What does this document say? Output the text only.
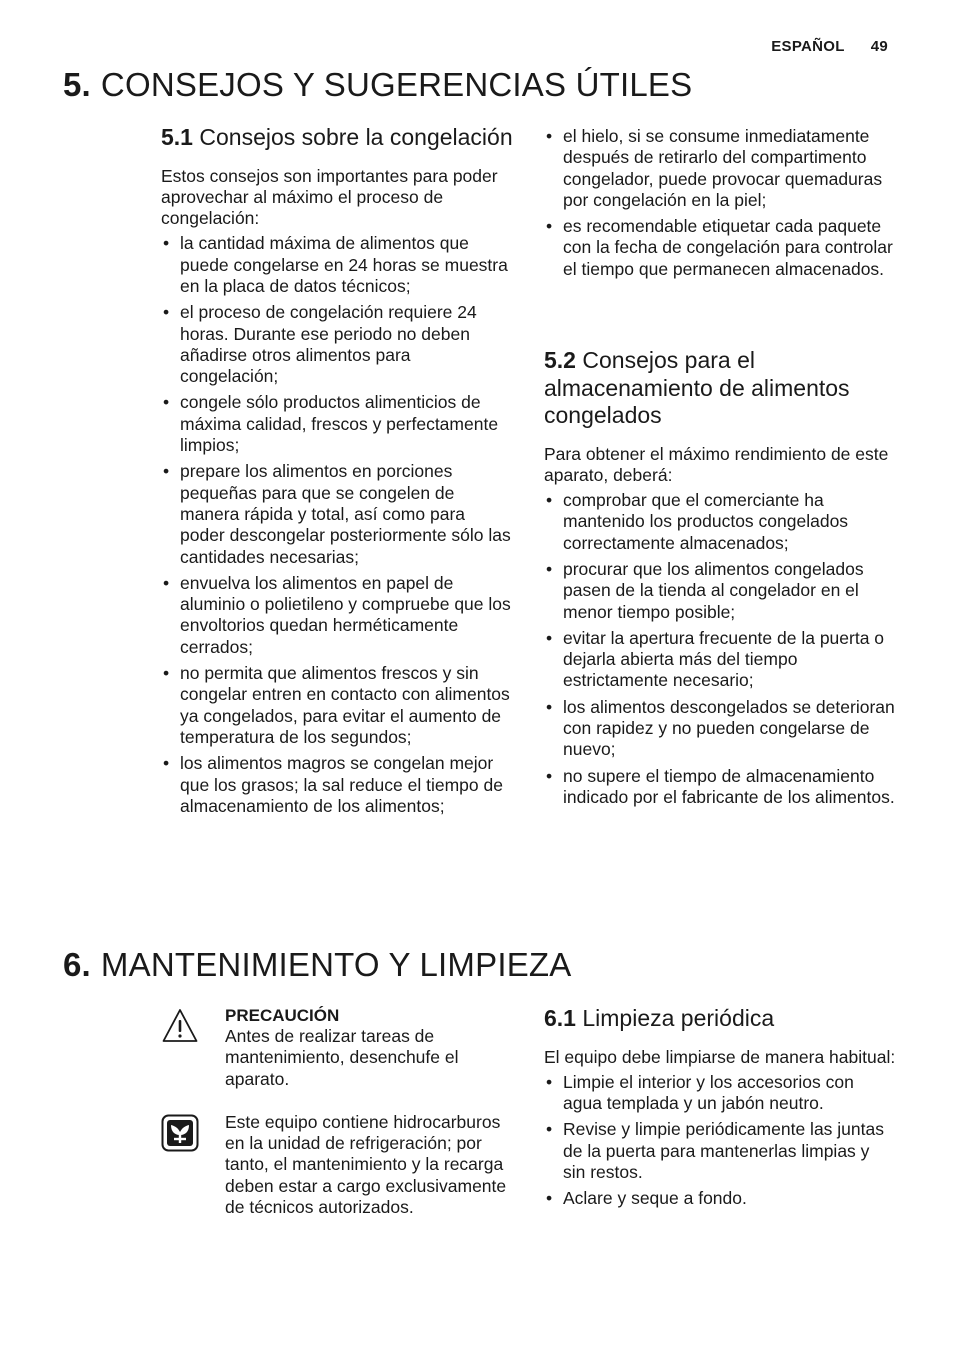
ESPAÑOL 49
5. CONSEJOS Y SUGERENCIAS ÚTILES
5.1 Consejos sobre la congelación

Estos consejos son importantes para poder aprovechar al máximo el proceso de congelación:

• la cantidad máxima de alimentos que puede congelarse en 24 horas se muestra en la placa de datos técnicos;
• el proceso de congelación requiere 24 horas. Durante ese periodo no deben añadirse otros alimentos para congelación;
• congele sólo productos alimenticios de máxima calidad, frescos y perfectamente limpios;
• prepare los alimentos en porciones pequeñas para que se congelen de manera rápida y total, así como para poder descongelar posteriormente sólo las cantidades necesarias;
• envuelva los alimentos en papel de aluminio o polietileno y compruebe que los envoltorios quedan herméticamente cerrados;
• no permita que alimentos frescos y sin congelar entren en contacto con alimentos ya congelados, para evitar el aumento de temperatura de los segundos;
• los alimentos magros se congelan mejor que los grasos; la sal reduce el tiempo de almacenamiento de los alimentos;
• el hielo, si se consume inmediatamente después de retirarlo del compartimento congelador, puede provocar quemaduras por congelación en la piel;
• es recomendable etiquetar cada paquete con la fecha de congelación para controlar el tiempo que permanecen almacenados.
5.2 Consejos para el almacenamiento de alimentos congelados

Para obtener el máximo rendimiento de este aparato, deberá:

• comprobar que el comerciante ha mantenido los productos congelados correctamente almacenados;
• procurar que los alimentos congelados pasen de la tienda al congelador en el menor tiempo posible;
• evitar la apertura frecuente de la puerta o dejarla abierta más del tiempo estrictamente necesario;
• los alimentos descongelados se deterioran con rapidez y no pueden congelarse de nuevo;
• no supere el tiempo de almacenamiento indicado por el fabricante de los alimentos.
6. MANTENIMIENTO Y LIMPIEZA
PRECAUCIÓN
Antes de realizar tareas de mantenimiento, desenchufe el aparato.
Este equipo contiene hidrocarburos en la unidad de refrigeración; por tanto, el mantenimiento y la recarga deben estar a cargo exclusivamente de técnicos autorizados.
6.1 Limpieza periódica

El equipo debe limpiarse de manera habitual:

• Limpie el interior y los accesorios con agua templada y un jabón neutro.
• Revise y limpie periódicamente las juntas de la puerta para mantenerlas limpias y sin restos.
• Aclare y seque a fondo.
